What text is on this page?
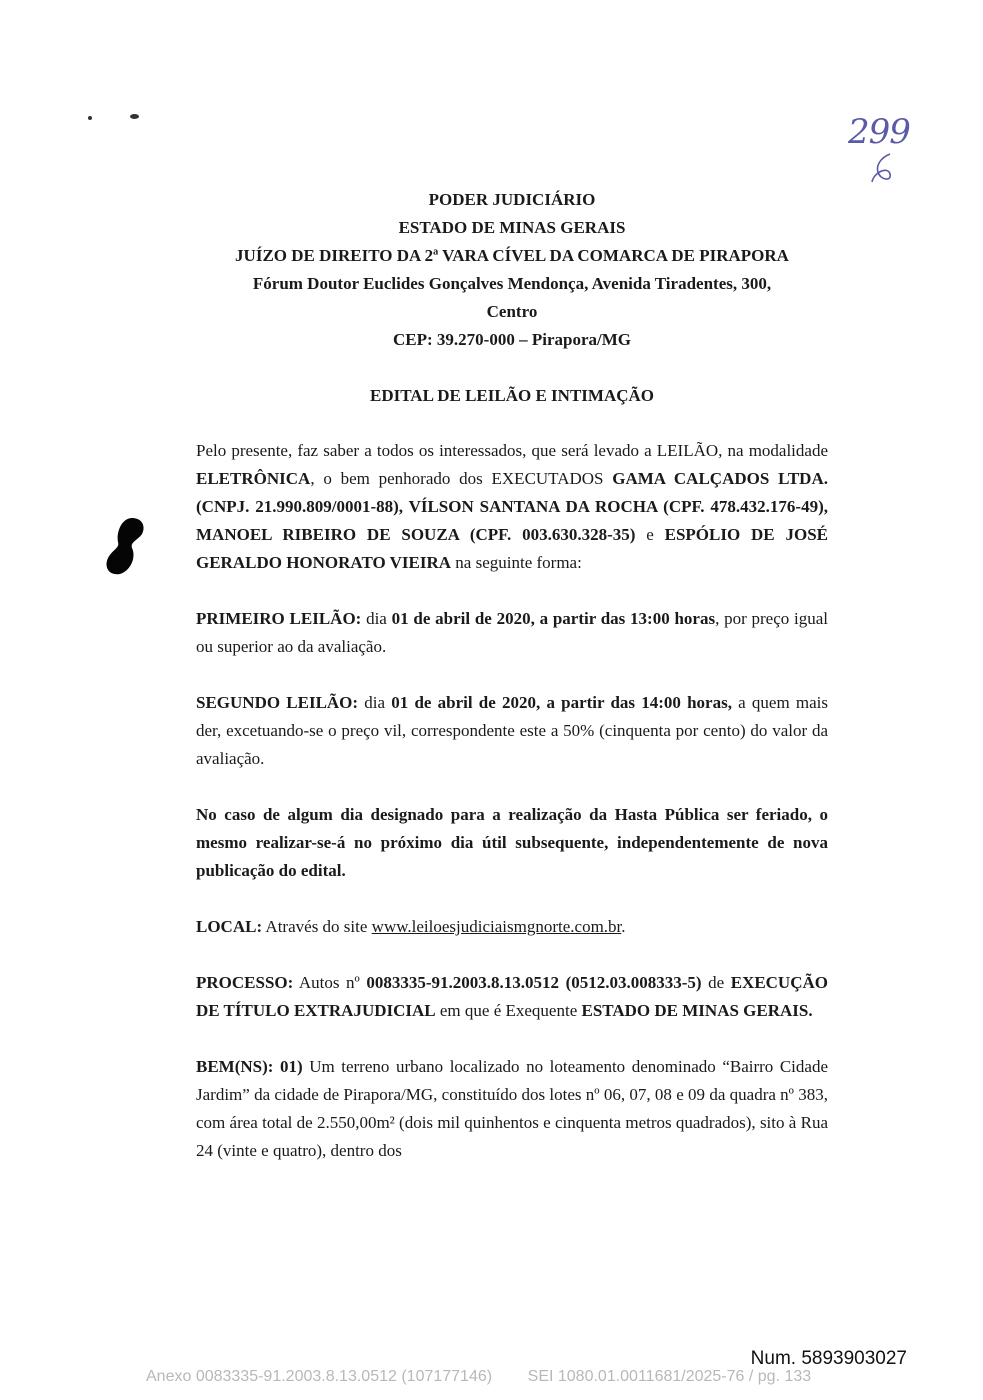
299
PODER JUDICIÁRIO
ESTADO DE MINAS GERAIS
JUÍZO DE DIREITO DA 2ª VARA CÍVEL DA COMARCA DE PIRAPORA
Fórum Doutor Euclides Gonçalves Mendonça, Avenida Tiradentes, 300,
Centro
CEP: 39.270-000 – Pirapora/MG
EDITAL DE LEILÃO E INTIMAÇÃO

Pelo presente, faz saber a todos os interessados, que será levado a LEILÃO, na modalidade ELETRÔNICA, o bem penhorado dos EXECUTADOS GAMA CALÇADOS LTDA. (CNPJ. 21.990.809/0001-88), VÍLSON SANTANA DA ROCHA (CPF. 478.432.176-49), MANOEL RIBEIRO DE SOUZA (CPF. 003.630.328-35) e ESPÓLIO DE JOSÉ GERALDO HONORATO VIEIRA na seguinte forma:

PRIMEIRO LEILÃO: dia 01 de abril de 2020, a partir das 13:00 horas, por preço igual ou superior ao da avaliação.

SEGUNDO LEILÃO: dia 01 de abril de 2020, a partir das 14:00 horas, a quem mais der, excetuando-se o preço vil, correspondente este a 50% (cinquenta por cento) do valor da avaliação.

No caso de algum dia designado para a realização da Hasta Pública ser feriado, o mesmo realizar-se-á no próximo dia útil subsequente, independentemente de nova publicação do edital.

LOCAL: Através do site www.leiloesjudiciaismgnorte.com.br.

PROCESSO: Autos nº 0083335-91.2003.8.13.0512 (0512.03.008333-5) de EXECUÇÃO DE TÍTULO EXTRAJUDICIAL em que é Exequente ESTADO DE MINAS GERAIS.

BEM(NS): 01) Um terreno urbano localizado no loteamento denominado “Bairro Cidade Jardim” da cidade de Pirapora/MG, constituído dos lotes nº 06, 07, 08 e 09 da quadra nº 383, com área total de 2.550,00m² (dois mil quinhentos e cinquenta metros quadrados), sito à Rua 24 (vinte e quatro), dentro dos

Num. 5893903027
Anexo 0083335-91.2003.8.13.0512 (107177146) SEI 1080.01.0011681/2025-76 / pg. 133
